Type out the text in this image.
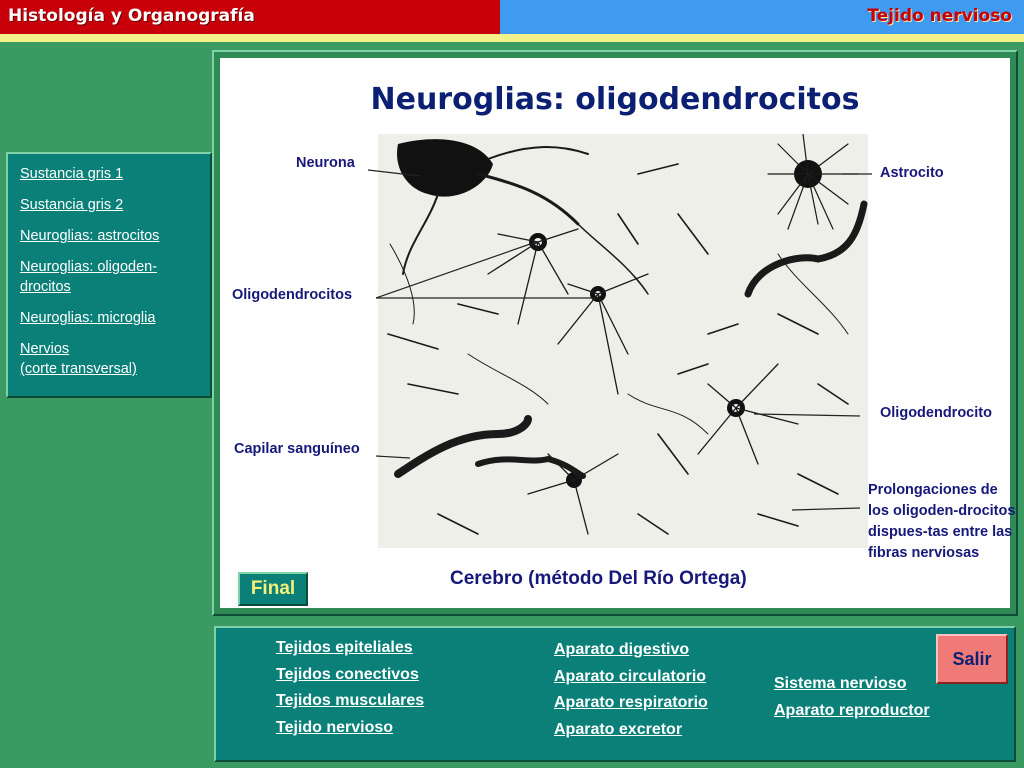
Histología y Organografía	Tejido nervioso
Sustancia gris 1
Sustancia gris 2
Neuroglias: astrocitos
Neuroglias: oligoden-
drocitos
Neuroglias: microglia
Nervios
(corte transversal)
Neuroglias: oligodendrocitos
Neurona
Astrocito
Oligodendrocitos
Oligodendrocito
Capilar sanguíneo
Prolongaciones de los oligoden-drocitos dispues-tas entre las fibras nerviosas
Cerebro (método Del Río Ortega)
Final
Tejidos epiteliales
Tejidos conectivos
Tejidos musculares
Tejido nervioso
Aparato digestivo
Aparato circulatorio
Aparato respiratorio
Aparato excretor
Sistema nervioso
Aparato reproductor
Salir
